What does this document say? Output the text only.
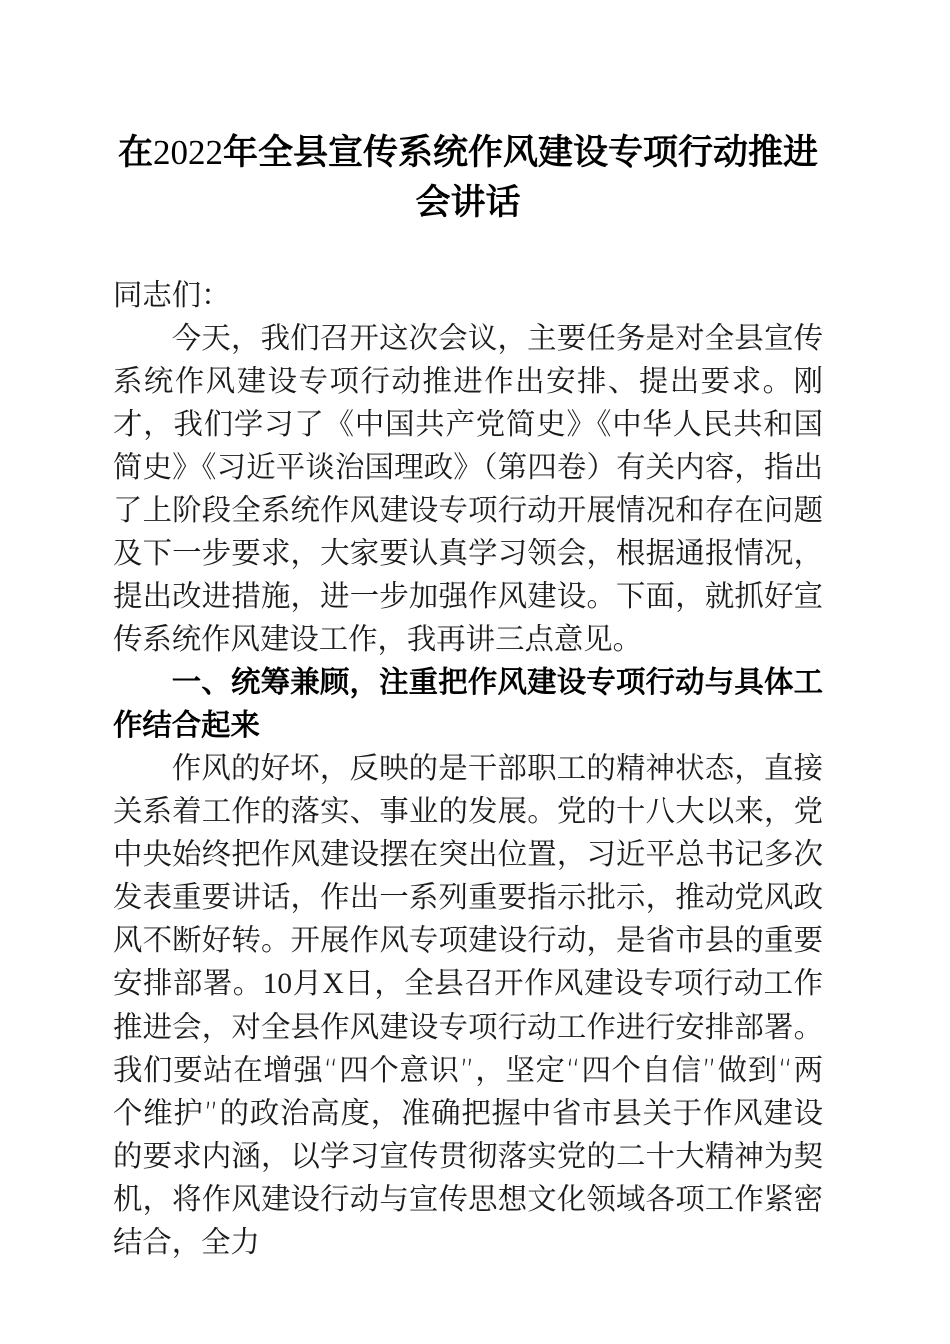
在2022年全县宣传系统作风建设专项行动推进会讲话

同志们：

今天，我们召开这次会议，主要任务是对全县宣传系统作风建设专项行动推进作出安排、提出要求。刚才，我们学习了《中国共产党简史》《中华人民共和国简史》《习近平谈治国理政》（第四卷）有关内容，指出了上阶段全系统作风建设专项行动开展情况和存在问题及下一步要求，大家要认真学习领会，根据通报情况，提出改进措施，进一步加强作风建设。下面，就抓好宣传系统作风建设工作，我再讲三点意见。

一、统筹兼顾，注重把作风建设专项行动与具体工作结合起来

作风的好坏，反映的是干部职工的精神状态，直接关系着工作的落实、事业的发展。党的十八大以来，党中央始终把作风建设摆在突出位置，习近平总书记多次发表重要讲话，作出一系列重要指示批示，推动党风政风不断好转。开展作风专项建设行动，是省市县的重要安排部署。10月X日，全县召开作风建设专项行动工作推进会，对全县作风建设专项行动工作进行安排部署。我们要站在增强“四个意识”，坚定“四个自信”做到“两个维护”的政治高度，准确把握中省市县关于作风建设的要求内涵，以学习宣传贯彻落实党的二十大精神为契机，将作风建设行动与宣传思想文化领域各项工作紧密结合，全力
